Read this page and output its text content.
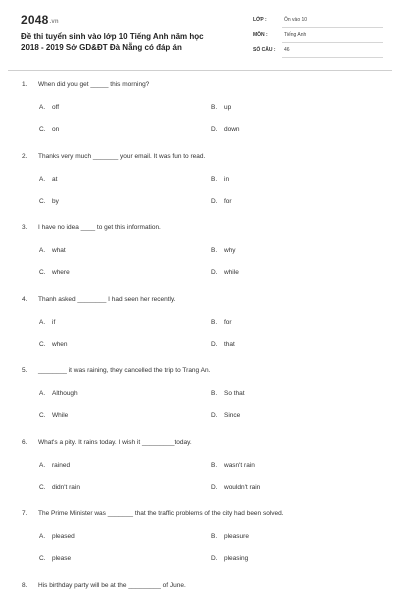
2048.vn
Đề thi tuyển sinh vào lớp 10 Tiếng Anh năm học 2018 - 2019 Sở GD&ĐT Đà Nẵng có đáp án
LỚP :	Ôn vào 10
MÔN :	Tiếng Anh
SỐ CÂU : 46
1. When did you get _____ this morning?
A. off	B. up
C. on	D. down
2. Thanks very much _______ your email. It was fun to read.
A. at	B. in
C. by	D. for
3. I have no idea ____ to get this information.
A. what	B. why
C. where	D. while
4. Thanh asked ________ I had seen her recently.
A. if	B. for
C. when	D. that
5. ________ it was raining, they cancelled the trip to Trang An.
A. Although	B. So that
C. While	D. Since
6. What's a pity. It rains today. I wish it _________today.
A. rained	B. wasn't rain
C. didn't rain	D. wouldn't rain
7. The Prime Minister was _______ that the traffic problems of the city had been solved.
A. pleased	B. pleasure
C. please	D. pleasing
8. His birthday party will be at the _________ of June.
